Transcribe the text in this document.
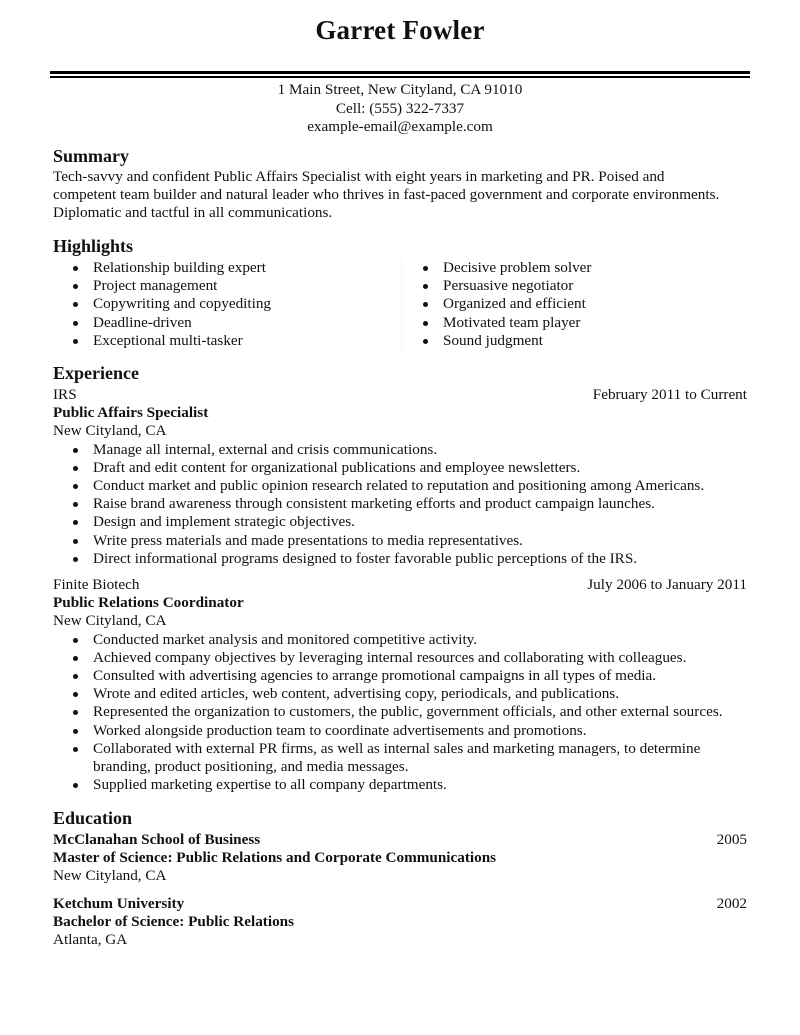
Garret Fowler
1 Main Street, New Cityland, CA 91010
Cell: (555) 322-7337
example-email@example.com
Summary
Tech-savvy and confident Public Affairs Specialist with eight years in marketing and PR. Poised and
competent team builder and natural leader who thrives in fast-paced government and corporate environments.
Diplomatic and tactful in all communications.
Highlights
Relationship building expert
Project management
Copywriting and copyediting
Deadline-driven
Exceptional multi-tasker
Decisive problem solver
Persuasive negotiator
Organized and efficient
Motivated team player
Sound judgment
Experience
IRS	February 2011 to Current
Public Affairs Specialist
New Cityland, CA
Manage all internal, external and crisis communications.
Draft and edit content for organizational publications and employee newsletters.
Conduct market and public opinion research related to reputation and positioning among Americans.
Raise brand awareness through consistent marketing efforts and product campaign launches.
Design and implement strategic objectives.
Write press materials and made presentations to media representatives.
Direct informational programs designed to foster favorable public perceptions of the IRS.
Finite Biotech	July 2006 to January 2011
Public Relations Coordinator
New Cityland, CA
Conducted market analysis and monitored competitive activity.
Achieved company objectives by leveraging internal resources and collaborating with colleagues.
Consulted with advertising agencies to arrange promotional campaigns in all types of media.
Wrote and edited articles, web content, advertising copy, periodicals, and publications.
Represented the organization to customers, the public, government officials, and other external sources.
Worked alongside production team to coordinate advertisements and promotions.
Collaborated with external PR firms, as well as internal sales and marketing managers, to determine branding, product positioning, and media messages.
Supplied marketing expertise to all company departments.
Education
McClanahan School of Business	2005
Master of Science: Public Relations and Corporate Communications
New Cityland, CA
Ketchum University	2002
Bachelor of Science: Public Relations
Atlanta, GA
